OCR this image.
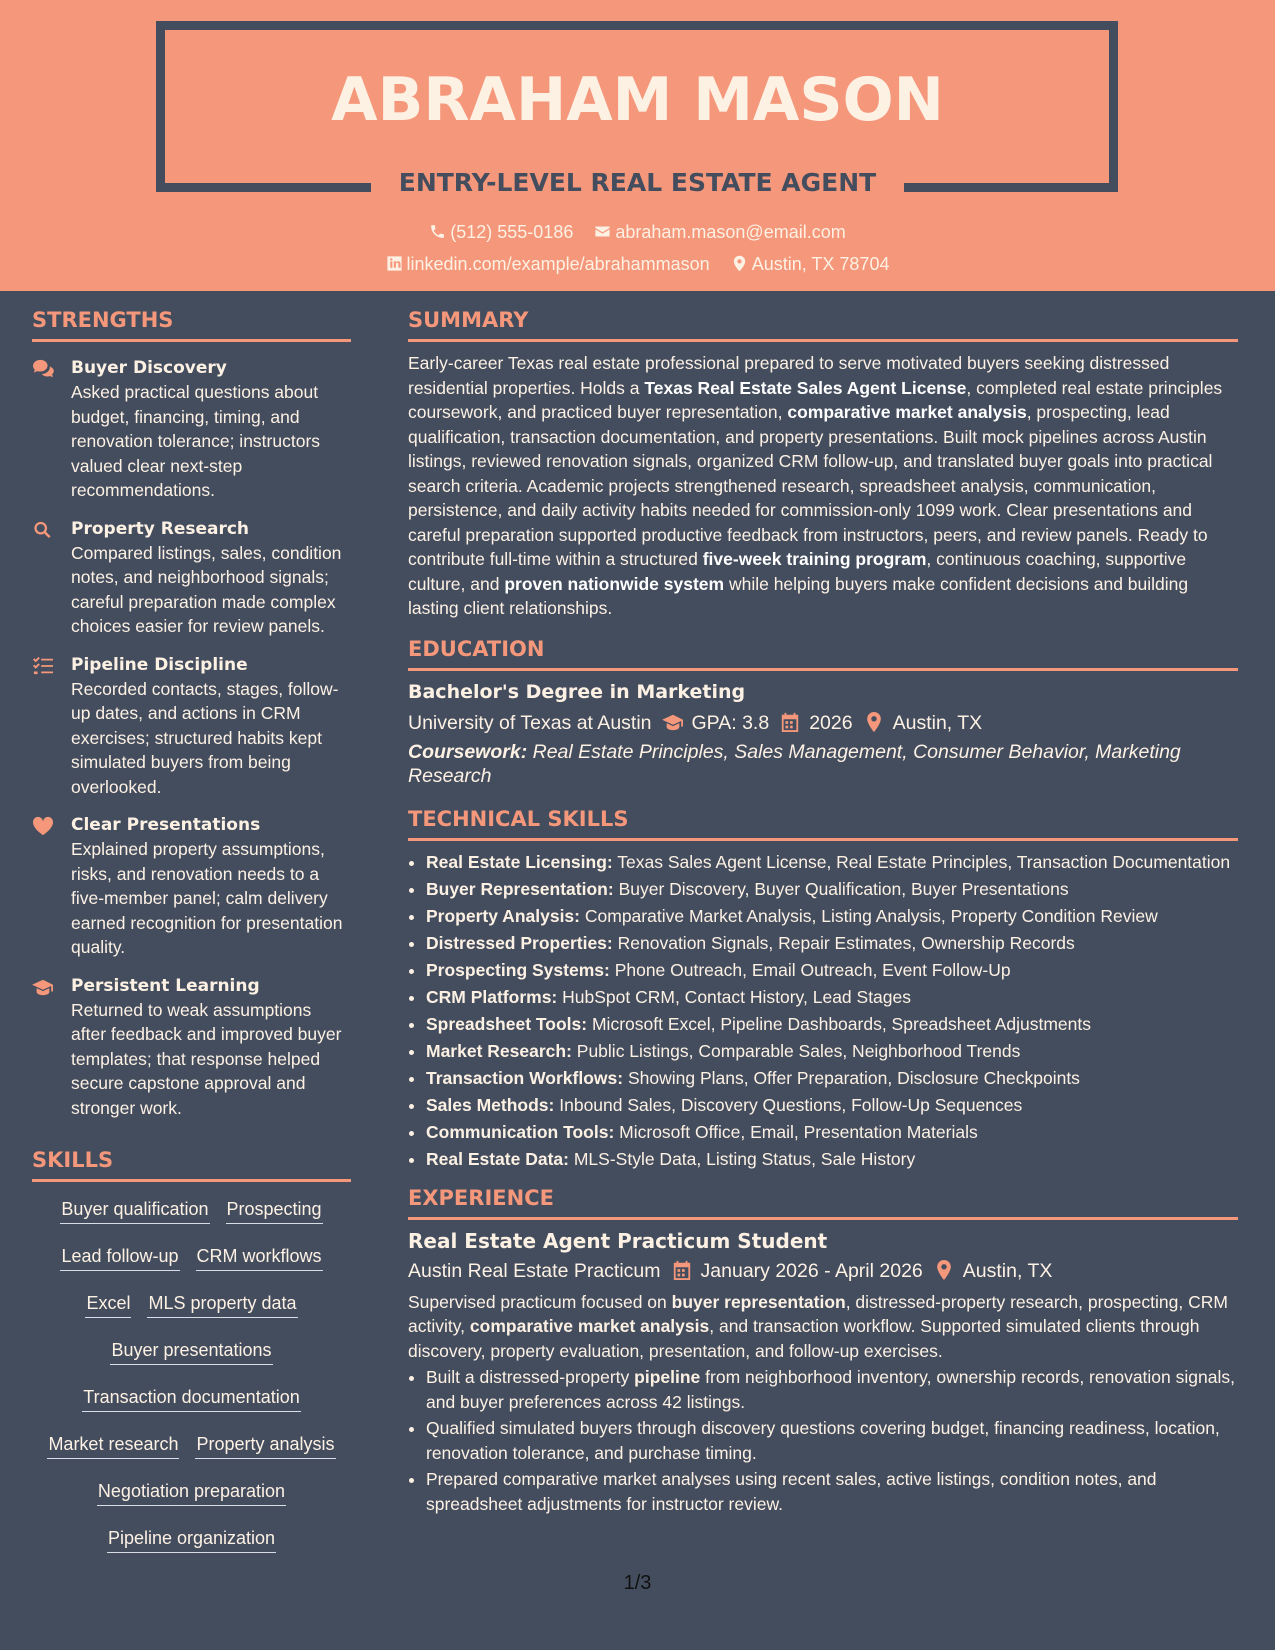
ABRAHAM MASON
ENTRY-LEVEL REAL ESTATE AGENT
(512) 555-0186 abraham.mason@email.com
linkedin.com/example/abrahammason Austin, TX 78704
STRENGTHS
Buyer Discovery
Asked practical questions about budget, financing, timing, and renovation tolerance; instructors valued clear next-step recommendations.
Property Research
Compared listings, sales, condition notes, and neighborhood signals; careful preparation made complex choices easier for review panels.
Pipeline Discipline
Recorded contacts, stages, follow-up dates, and actions in CRM exercises; structured habits kept simulated buyers from being overlooked.
Clear Presentations
Explained property assumptions, risks, and renovation needs to a five-member panel; calm delivery earned recognition for presentation quality.
Persistent Learning
Returned to weak assumptions after feedback and improved buyer templates; that response helped secure capstone approval and stronger work.
SKILLS
Buyer qualification Prospecting
Lead follow-up CRM workflows
Excel MLS property data
Buyer presentations
Transaction documentation
Market research Property analysis
Negotiation preparation
Pipeline organization
SUMMARY

Early-career Texas real estate professional prepared to serve motivated buyers seeking distressed residential properties. Holds a Texas Real Estate Sales Agent License, completed real estate principles coursework, and practiced buyer representation, comparative market analysis, prospecting, lead qualification, transaction documentation, and property presentations. Built mock pipelines across Austin listings, reviewed renovation signals, organized CRM follow-up, and translated buyer goals into practical search criteria. Academic projects strengthened research, spreadsheet analysis, communication, persistence, and daily activity habits needed for commission-only 1099 work. Clear presentations and careful preparation supported productive feedback from instructors, peers, and review panels. Ready to contribute full-time within a structured five-week training program, continuous coaching, supportive culture, and proven nationwide system while helping buyers make confident decisions and building lasting client relationships.

EDUCATION
Bachelor's Degree in Marketing
University of Texas at Austin GPA: 3.8 2026 Austin, TX
Coursework: Real Estate Principles, Sales Management, Consumer Behavior, Marketing Research
TECHNICAL SKILLS
• Real Estate Licensing: Texas Sales Agent License, Real Estate Principles, Transaction Documentation
• Buyer Representation: Buyer Discovery, Buyer Qualification, Buyer Presentations
• Property Analysis: Comparative Market Analysis, Listing Analysis, Property Condition Review
• Distressed Properties: Renovation Signals, Repair Estimates, Ownership Records
• Prospecting Systems: Phone Outreach, Email Outreach, Event Follow-Up
• CRM Platforms: HubSpot CRM, Contact History, Lead Stages
• Spreadsheet Tools: Microsoft Excel, Pipeline Dashboards, Spreadsheet Adjustments
• Market Research: Public Listings, Comparable Sales, Neighborhood Trends
• Transaction Workflows: Showing Plans, Offer Preparation, Disclosure Checkpoints
• Sales Methods: Inbound Sales, Discovery Questions, Follow-Up Sequences
• Communication Tools: Microsoft Office, Email, Presentation Materials
• Real Estate Data: MLS-Style Data, Listing Status, Sale History
EXPERIENCE
Real Estate Agent Practicum Student
Austin Real Estate Practicum January 2026 - April 2026 Austin, TX

Supervised practicum focused on buyer representation, distressed-property research, prospecting, CRM activity, comparative market analysis, and transaction workflow. Supported simulated clients through discovery, property evaluation, presentation, and follow-up exercises.

• Built a distressed-property pipeline from neighborhood inventory, ownership records, renovation signals, and buyer preferences across 42 listings.
• Qualified simulated buyers through discovery questions covering budget, financing readiness, location, renovation tolerance, and purchase timing.
• Prepared comparative market analyses using recent sales, active listings, condition notes, and spreadsheet adjustments for instructor review.
1/3
